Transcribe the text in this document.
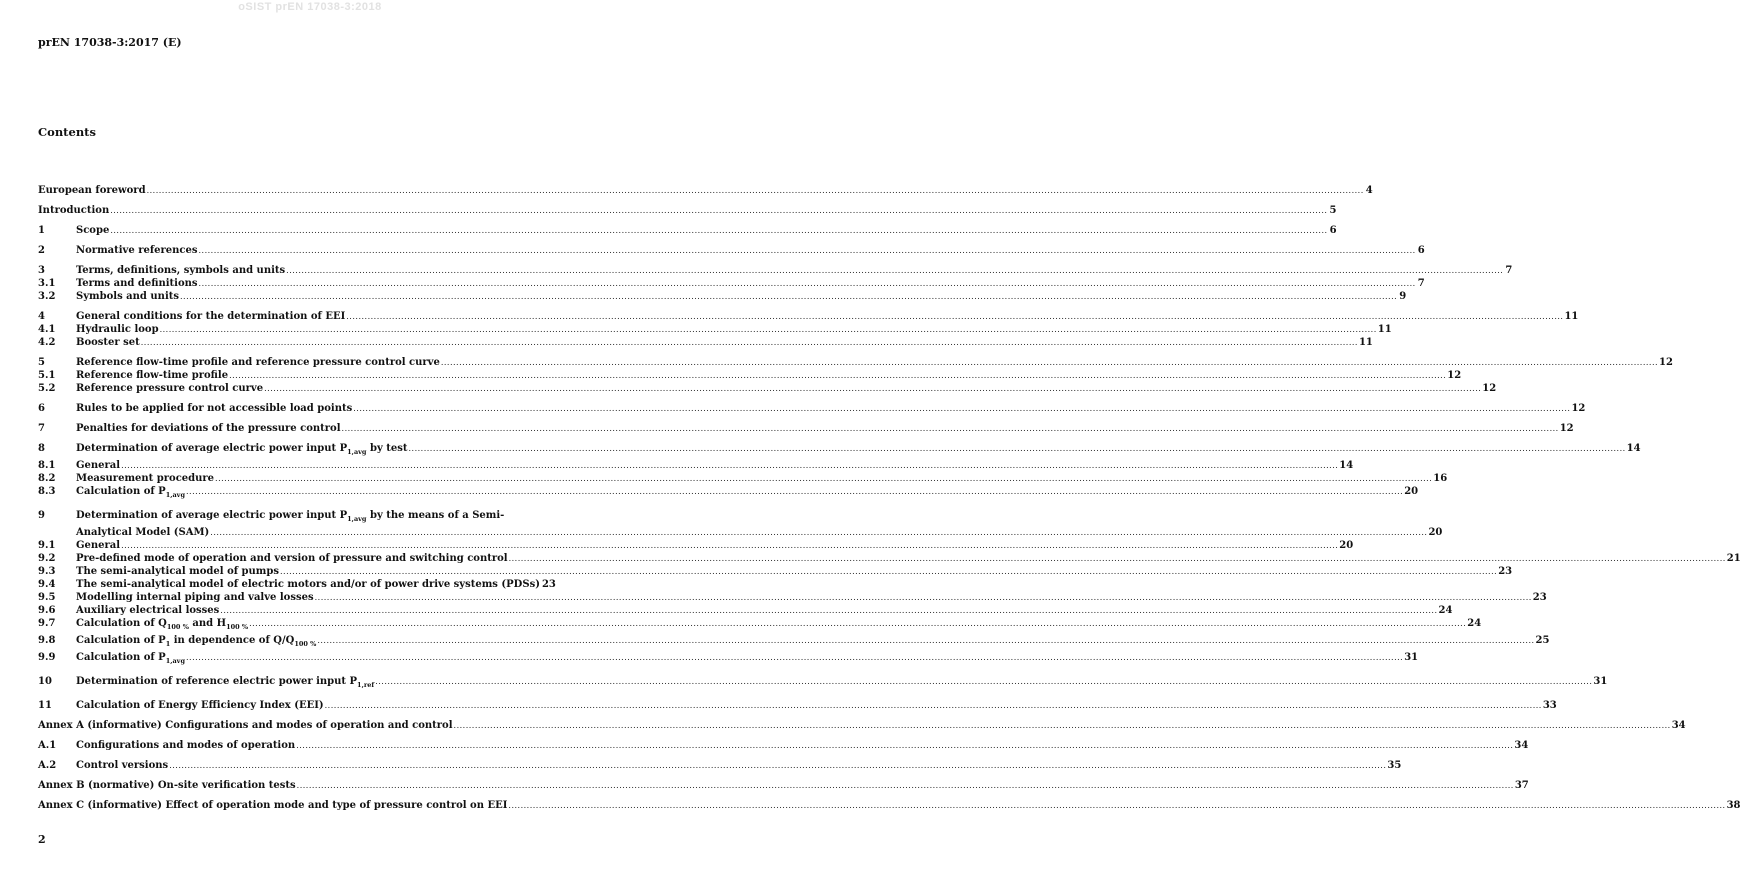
oSIST prEN 17038-3:2018
prEN 17038-3:2017 (E)
Contents
European foreword ................................................................................................................................................................................................................................................................................................................................................................................................................ 4
Introduction ................................................................................................................................................................................................................................................................................................................................................................................................................ 5
1	Scope ................................................................................................................................................................................................................................................................................................................................................................................................................ 6
2	Normative references ................................................................................................................................................................................................................................................................................................................................................................................................................ 6
3	Terms, definitions, symbols and units ................................................................................................................................................................................................................................................................................................................................................................................................................ 7
3.1	Terms and definitions ................................................................................................................................................................................................................................................................................................................................................................................................................ 7
3.2	Symbols and units ................................................................................................................................................................................................................................................................................................................................................................................................................ 9
4	General conditions for the determination of EEI ................................................................................................................................................................................................................................................................................................................................................................................................................ 11
4.1	Hydraulic loop ................................................................................................................................................................................................................................................................................................................................................................................................................ 11
4.2	Booster set ................................................................................................................................................................................................................................................................................................................................................................................................................ 11
5	Reference flow-time profile and reference pressure control curve ................................................................................................................................................................................................................................................................................................................................................................................................................ 12
5.1	Reference flow-time profile ................................................................................................................................................................................................................................................................................................................................................................................................................ 12
5.2	Reference pressure control curve ................................................................................................................................................................................................................................................................................................................................................................................................................ 12
6	Rules to be applied for not accessible load points ................................................................................................................................................................................................................................................................................................................................................................................................................ 12
7	Penalties for deviations of the pressure control ................................................................................................................................................................................................................................................................................................................................................................................................................ 12
8	Determination of average electric power input $P_{1,avg}$ by test ................................................................................................................................................................................................................................................................................................................................................................................................................ 14
8.1	General ................................................................................................................................................................................................................................................................................................................................................................................................................ 14
8.2	Measurement procedure ................................................................................................................................................................................................................................................................................................................................................................................................................ 16
8.3	Calculation of $P_{1,avg}$ ................................................................................................................................................................................................................................................................................................................................................................................................................ 20
9	Determination of average electric power input $P_{1,avg}$ by the means of a Semi-
Analytical Model (SAM) ................................................................................................................................................................................................................................................................................................................................................................................................................ 20
9.1	General ................................................................................................................................................................................................................................................................................................................................................................................................................ 20
9.2	Pre-defined mode of operation and version of pressure and switching control ................................................................................................................................................................................................................................................................................................................................................................................................................ 21
9.3	The semi-analytical model of pumps ................................................................................................................................................................................................................................................................................................................................................................................................................ 23
9.4	The semi-analytical model of electric motors and/or of power drive systems (PDSs) 23
9.5	Modelling internal piping and valve losses ................................................................................................................................................................................................................................................................................................................................................................................................................ 23
9.6	Auxiliary electrical losses ................................................................................................................................................................................................................................................................................................................................................................................................................ 24
9.7	Calculation of $Q_{100 \%}$ and $H_{100 \%}$ ................................................................................................................................................................................................................................................................................................................................................................................................................ 24
9.8	Calculation of $P_1$ in dependence of $Q/Q_{100 \%}$ ................................................................................................................................................................................................................................................................................................................................................................................................................ 25
9.9	Calculation of $P_{1,avg}$ ................................................................................................................................................................................................................................................................................................................................................................................................................ 31
10	Determination of reference electric power input $P_{1,ref}$ ................................................................................................................................................................................................................................................................................................................................................................................................................ 31
11	Calculation of Energy Efficiency Index (EEI) ................................................................................................................................................................................................................................................................................................................................................................................................................ 33
Annex A (informative) Configurations and modes of operation and control ................................................................................................................................................................................................................................................................................................................................................................................................................ 34
A.1	Configurations and modes of operation ................................................................................................................................................................................................................................................................................................................................................................................................................ 34
A.2	Control versions ................................................................................................................................................................................................................................................................................................................................................................................................................ 35
Annex B (normative) On-site verification tests ................................................................................................................................................................................................................................................................................................................................................................................................................ 37
Annex C (informative) Effect of operation mode and type of pressure control on EEI ................................................................................................................................................................................................................................................................................................................................................................................................................ 38
2
